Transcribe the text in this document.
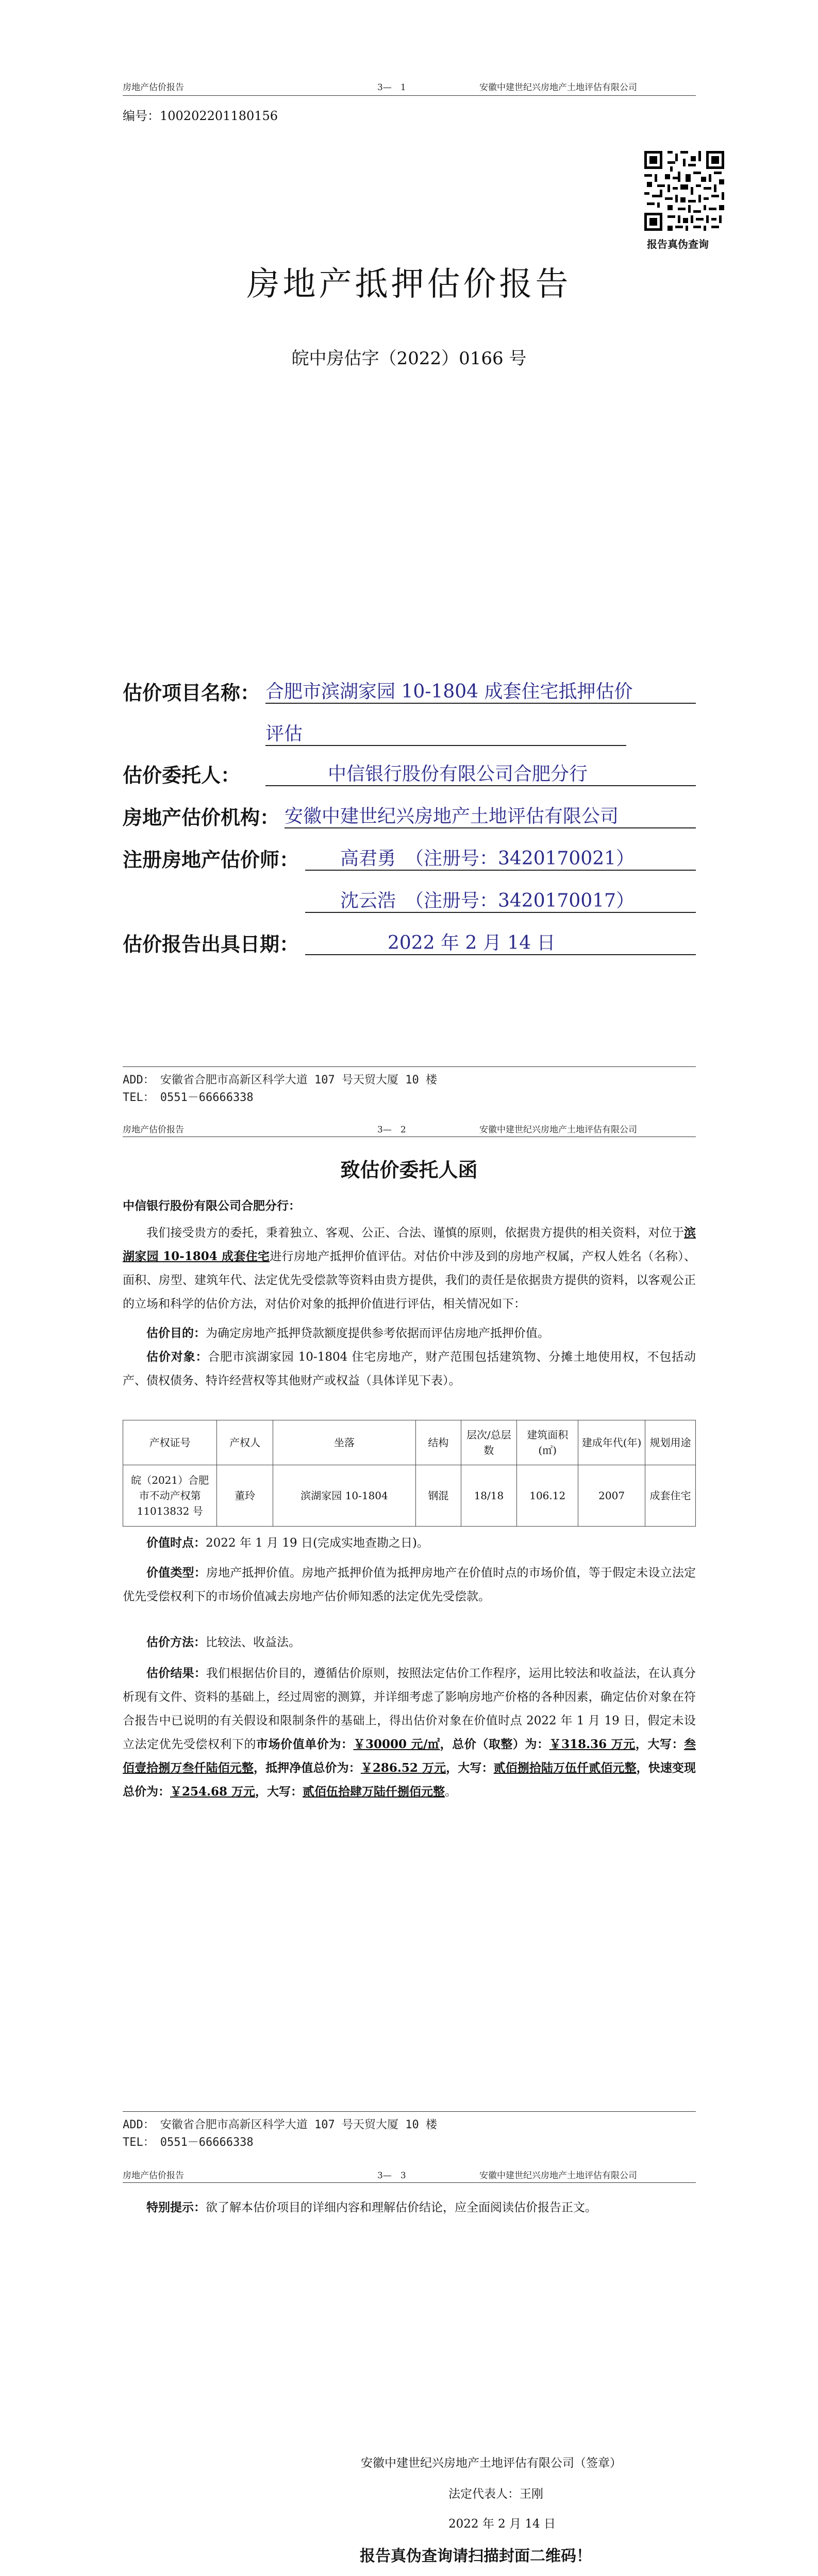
房地产估价报告	3—　1	安徽中建世纪兴房地产土地评估有限公司
编号：100202201180156
报告真伪查询
房地产抵押估价报告
皖中房估字（2022）0166 号
估价项目名称： 合肥市滨湖家园 10-1804 成套住宅抵押估价
评估
估价委托人：	中信银行股份有限公司合肥分行
房地产估价机构： 安徽中建世纪兴房地产土地评估有限公司
注册房地产估价师： 高君勇　（注册号：3420170021）
沈云浩　（注册号：3420170017）
估价报告出具日期：	2022 年 2 月 14 日
ADD：　安徽省合肥市高新区科学大道 107 号天贸大厦 10 楼
TEL：　0551－66666338
房地产估价报告	3—　2	安徽中建世纪兴房地产土地评估有限公司
致估价委托人函
中信银行股份有限公司合肥分行：
我们接受贵方的委托，秉着独立、客观、公正、合法、谨慎的原则，依据贵方提供的相关资料，对位于滨湖家园 10-1804 成套住宅进行房地产抵押价值评估。对估价中涉及到的房地产权属，产权人姓名（名称）、面积、房型、建筑年代、法定优先受偿款等资料由贵方提供，我们的责任是依据贵方提供的资料，以客观公正的立场和科学的估价方法，对估价对象的抵押价值进行评估，相关情况如下：
估价目的：为确定房地产抵押贷款额度提供参考依据而评估房地产抵押价值。
估价对象：合肥市滨湖家园 10-1804 住宅房地产，财产范围包括建筑物、分摊土地使用权，不包括动产、债权债务、特许经营权等其他财产或权益（具体详见下表）。
产权证号	产权人	坐落	结构	层次/总层数	建筑面积(㎡)	建成年代(年)	规划用途
皖（2021）合肥市不动产权第11013832 号	董玲	滨湖家园 10-1804	钢混	18/18	106.12	2007	成套住宅
价值时点：2022 年 1 月 19 日(完成实地查勘之日)。
价值类型：房地产抵押价值。房地产抵押价值为抵押房地产在价值时点的市场价值，等于假定未设立法定优先受偿权利下的市场价值减去房地产估价师知悉的法定优先受偿款。
估价方法：比较法、收益法。
估价结果：我们根据估价目的，遵循估价原则，按照法定估价工作程序，运用比较法和收益法，在认真分析现有文件、资料的基础上，经过周密的测算，并详细考虑了影响房地产价格的各种因素，确定估价对象在符合报告中已说明的有关假设和限制条件的基础上，得出估价对象在价值时点 2022 年 1 月 19 日，假定未设立法定优先受偿权利下的市场价值单价为：￥30000 元/㎡，总价（取整）为：￥318.36 万元，大写：叁佰壹拾捌万叁仟陆佰元整，抵押净值总价为：￥286.52 万元，大写：贰佰捌拾陆万伍仟贰佰元整，快速变现总价为：￥254.68 万元，大写：贰佰伍拾肆万陆仟捌佰元整。
ADD：　安徽省合肥市高新区科学大道 107 号天贸大厦 10 楼
TEL：　0551－66666338
房地产估价报告	3—　3	安徽中建世纪兴房地产土地评估有限公司
特别提示：欲了解本估价项目的详细内容和理解估价结论，应全面阅读估价报告正文。
安徽中建世纪兴房地产土地评估有限公司（签章）
法定代表人：王刚
2022 年 2 月 14 日
报告真伪查询请扫描封面二维码！
